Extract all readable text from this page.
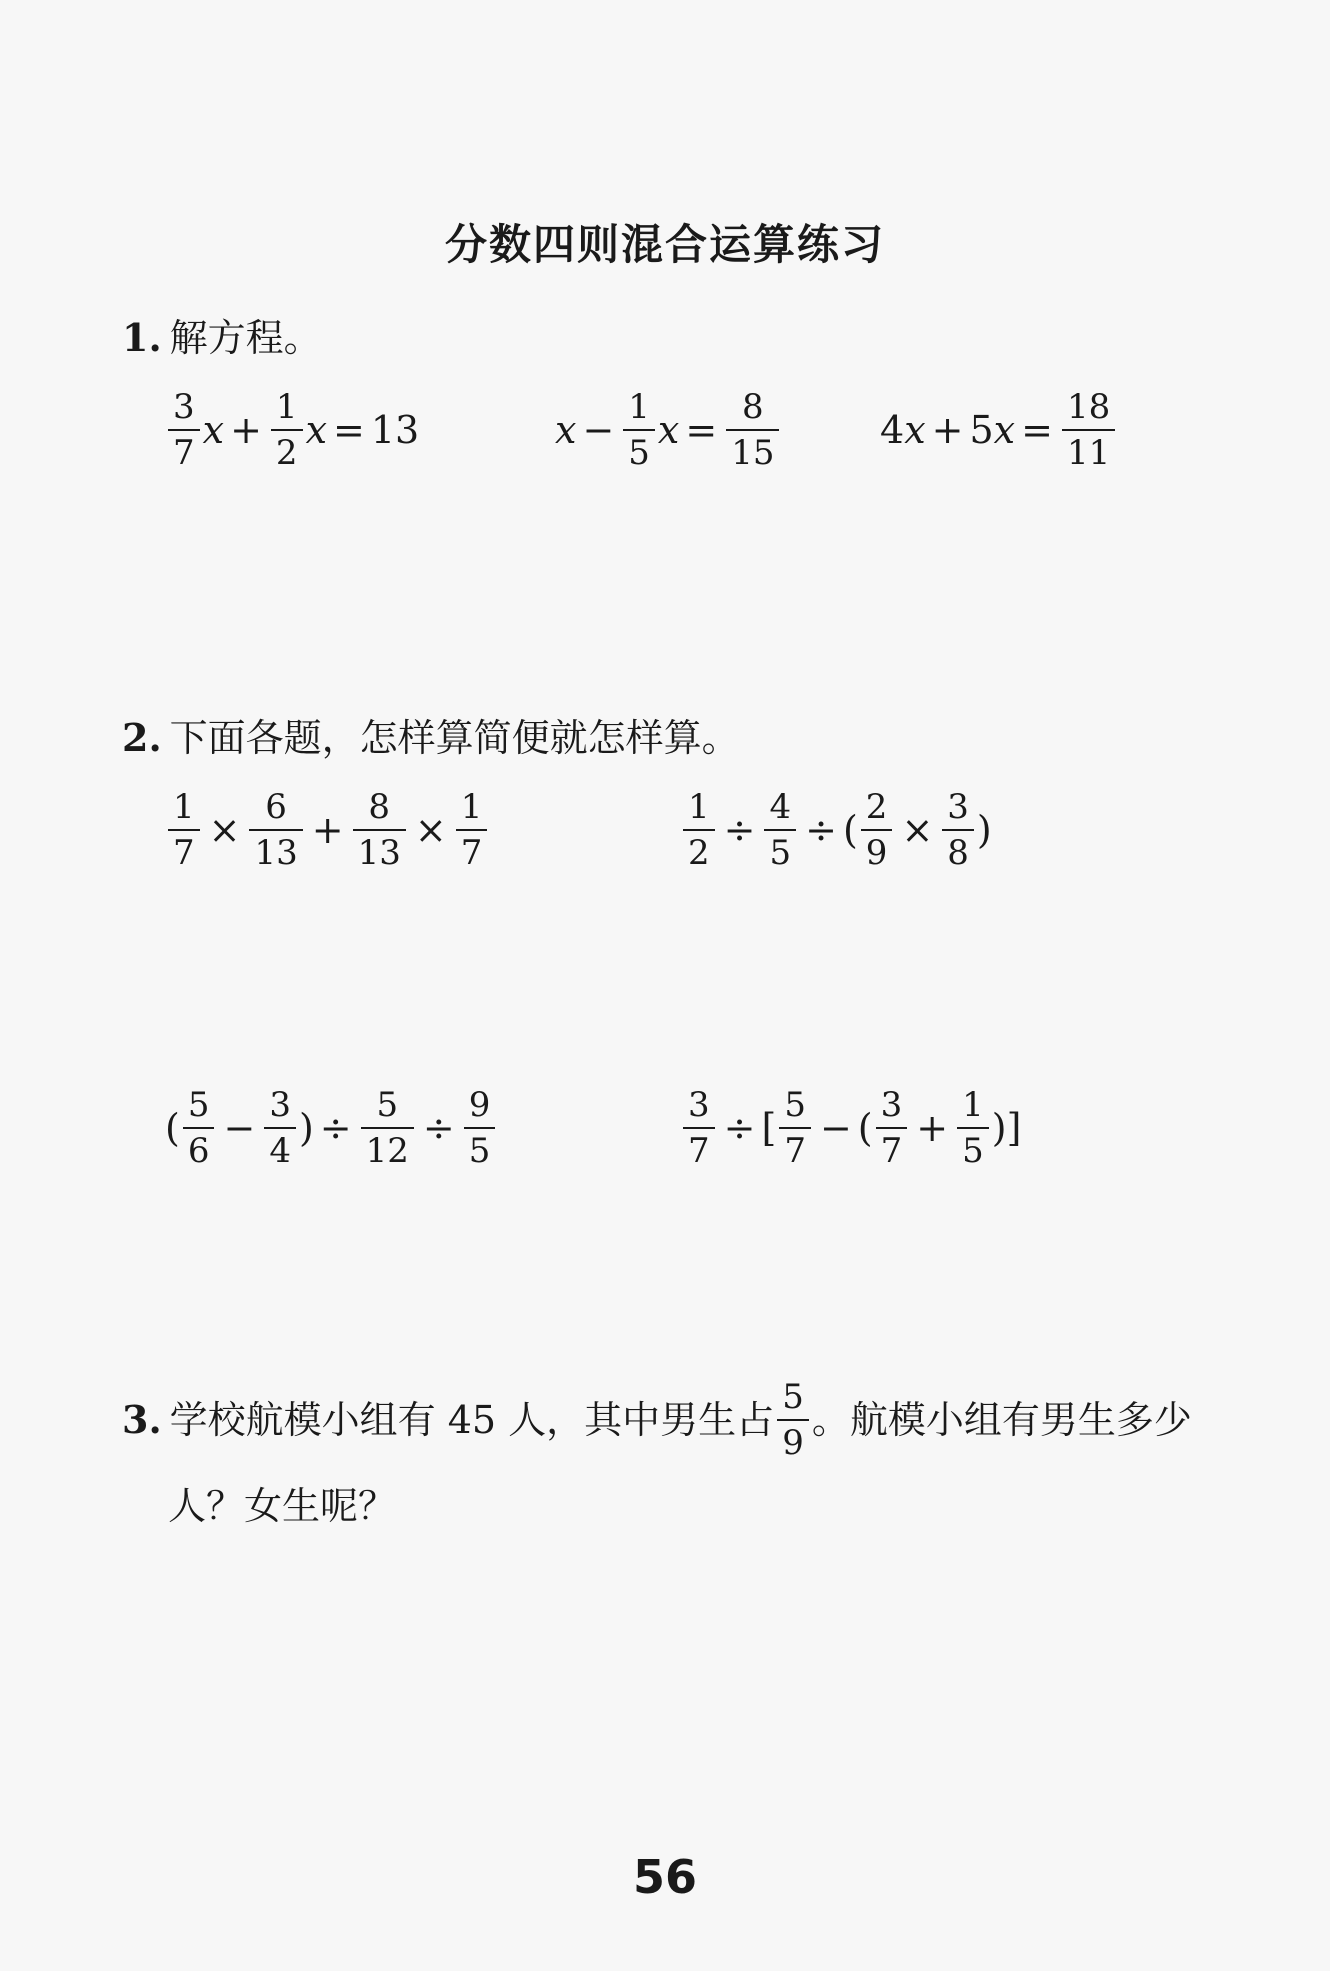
分数四则混合运算练习
1. 解方程。
$\frac{3}{7}$ $x + \frac{1}{2}$ x = 13	$x - \frac{1}{5}$ $x = \frac{8}{15}$	4 x + 5 $x = \frac{18}{11}$
2. 下面各题，怎样算简便就怎样算。
$\frac{1}{7} \times \frac{6}{13} + \frac{8}{13} \times \frac{1}{7}$	$\frac{1}{2} \div \frac{4}{5}$ ÷ ( $\frac{2}{9} \times \frac{3}{8}$ )
( $\frac{5}{6} - \frac{3}{4}$ ) ÷ $\frac{5}{12} \div \frac{9}{5}$	$\frac{3}{7}$ ÷ [ $\frac{5}{7}$ − ( $\frac{3}{7} + \frac{1}{5}$ ) ]
3. 学校航模小组有 45 人，其中男生占 $\frac{5}{9}$ 。航模小组有男生多少
人？女生呢？
56
